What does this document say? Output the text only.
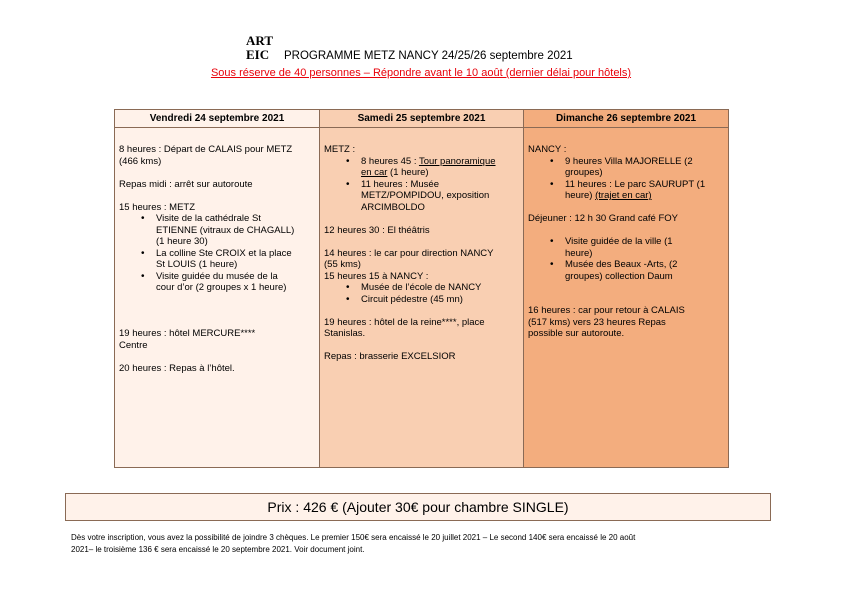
ART
EIC PROGRAMME METZ NANCY 24/25/26 septembre 2021
Sous réserve de 40 personnes – Répondre avant le 10 août (dernier délai pour hôtels)
Vendredi 24 septembre 2021
8 heures : Départ de CALAIS pour METZ
(466 kms)
Repas midi : arrêt sur autoroute
15 heures : METZ
• Visite de la cathédrale St
ETIENNE (vitraux de CHAGALL)
(1 heure 30)
• La colline Ste CROIX et la place
St LOUIS (1 heure)
• Visite guidée du musée de la
cour d’or (2 groupes x 1 heure)
19 heures : hôtel MERCURE****
Centre
20 heures : Repas à l’hôtel.
Samedi 25 septembre 2021
METZ :
• 8 heures 45 : Tour panoramique
en car (1 heure)
• 11 heures : Musée
METZ/POMPIDOU, exposition
ARCIMBOLDO
12 heures 30 : El théâtris
14 heures : le car pour direction NANCY
(55 kms)
15 heures 15 à NANCY :
• Musée de l’école de NANCY
• Circuit pédestre (45 mn)
19 heures : hôtel de la reine****, place
Stanislas.
Repas : brasserie EXCELSIOR
Dimanche 26 septembre 2021
NANCY :
• 9 heures Villa MAJORELLE (2
groupes)
• 11 heures : Le parc SAURUPT (1
heure) (trajet en car)
Déjeuner : 12 h 30 Grand café FOY
• Visite guidée de la ville (1
heure)
• Musée des Beaux -Arts, (2
groupes) collection Daum
16 heures : car pour retour à CALAIS
(517 kms) vers 23 heures Repas
possible sur autoroute.
Prix : 426 € (Ajouter 30€ pour chambre SINGLE)
Dès votre inscription, vous avez la possibilité de joindre 3 chèques. Le premier 150€ sera encaissé le 20 juillet 2021 – Le second 140€ sera encaissé le 20 août
2021– le troisième 136 € sera encaissé le 20 septembre 2021. Voir document joint.
